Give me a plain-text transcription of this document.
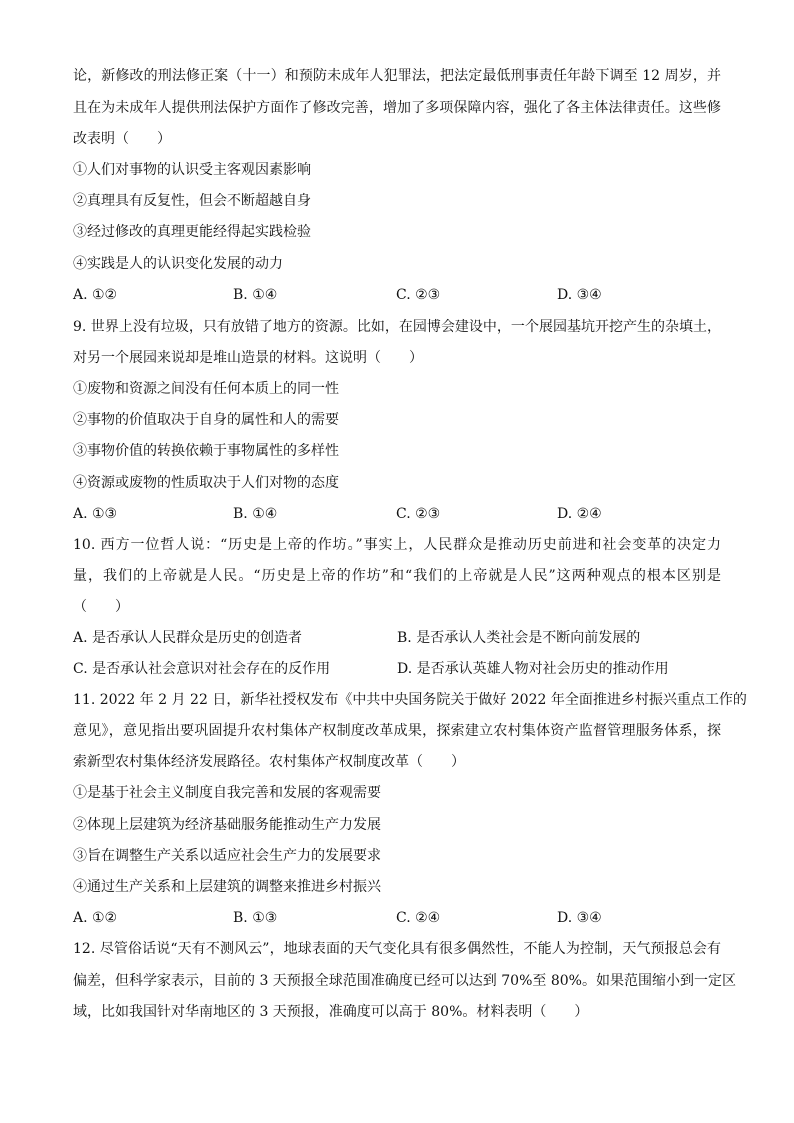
论，新修改的刑法修正案（十一）和预防未成年人犯罪法，把法定最低刑事责任年龄下调至 12 周岁，并
且在为未成年人提供刑法保护方面作了修改完善，增加了多项保障内容，强化了各主体法律责任。这些修
改表明（　　）
①人们对事物的认识受主客观因素影响
②真理具有反复性，但会不断超越自身
③经过修改的真理更能经得起实践检验
④实践是人的认识变化发展的动力
A. ①②	B. ①④	C. ②③	D. ③④
9. 世界上没有垃圾，只有放错了地方的资源。比如，在园博会建设中，一个展园基坑开挖产生的杂填土，
对另一个展园来说却是堆山造景的材料。这说明（　　）
①废物和资源之间没有任何本质上的同一性
②事物的价值取决于自身的属性和人的需要
③事物价值的转换依赖于事物属性的多样性
④资源或废物的性质取决于人们对物的态度
A. ①③	B. ①④	C. ②③	D. ②④
10. 西方一位哲人说：“历史是上帝的作坊。”事实上，人民群众是推动历史前进和社会变革的决定力
量，我们的上帝就是人民。“历史是上帝的作坊”和“我们的上帝就是人民”这两种观点的根本区别是
（　　）
A. 是否承认人民群众是历史的创造者	B. 是否承认人类社会是不断向前发展的
C. 是否承认社会意识对社会存在的反作用	D. 是否承认英雄人物对社会历史的推动作用
11. 2022 年 2 月 22 日，新华社授权发布《中共中央国务院关于做好 2022 年全面推进乡村振兴重点工作的
意见》，意见指出要巩固提升农村集体产权制度改革成果，探索建立农村集体资产监督管理服务体系，探
索新型农村集体经济发展路径。农村集体产权制度改革（　　）
①是基于社会主义制度自我完善和发展的客观需要
②体现上层建筑为经济基础服务能推动生产力发展
③旨在调整生产关系以适应社会生产力的发展要求
④通过生产关系和上层建筑的调整来推进乡村振兴
A. ①②	B. ①③	C. ②④	D. ③④
12. 尽管俗话说“天有不测风云”，地球表面的天气变化具有很多偶然性，不能人为控制，天气预报总会有
偏差，但科学家表示，目前的 3 天预报全球范围准确度已经可以达到 70%至 80%。如果范围缩小到一定区
域，比如我国针对华南地区的 3 天预报，准确度可以高于 80%。材料表明（　　）
